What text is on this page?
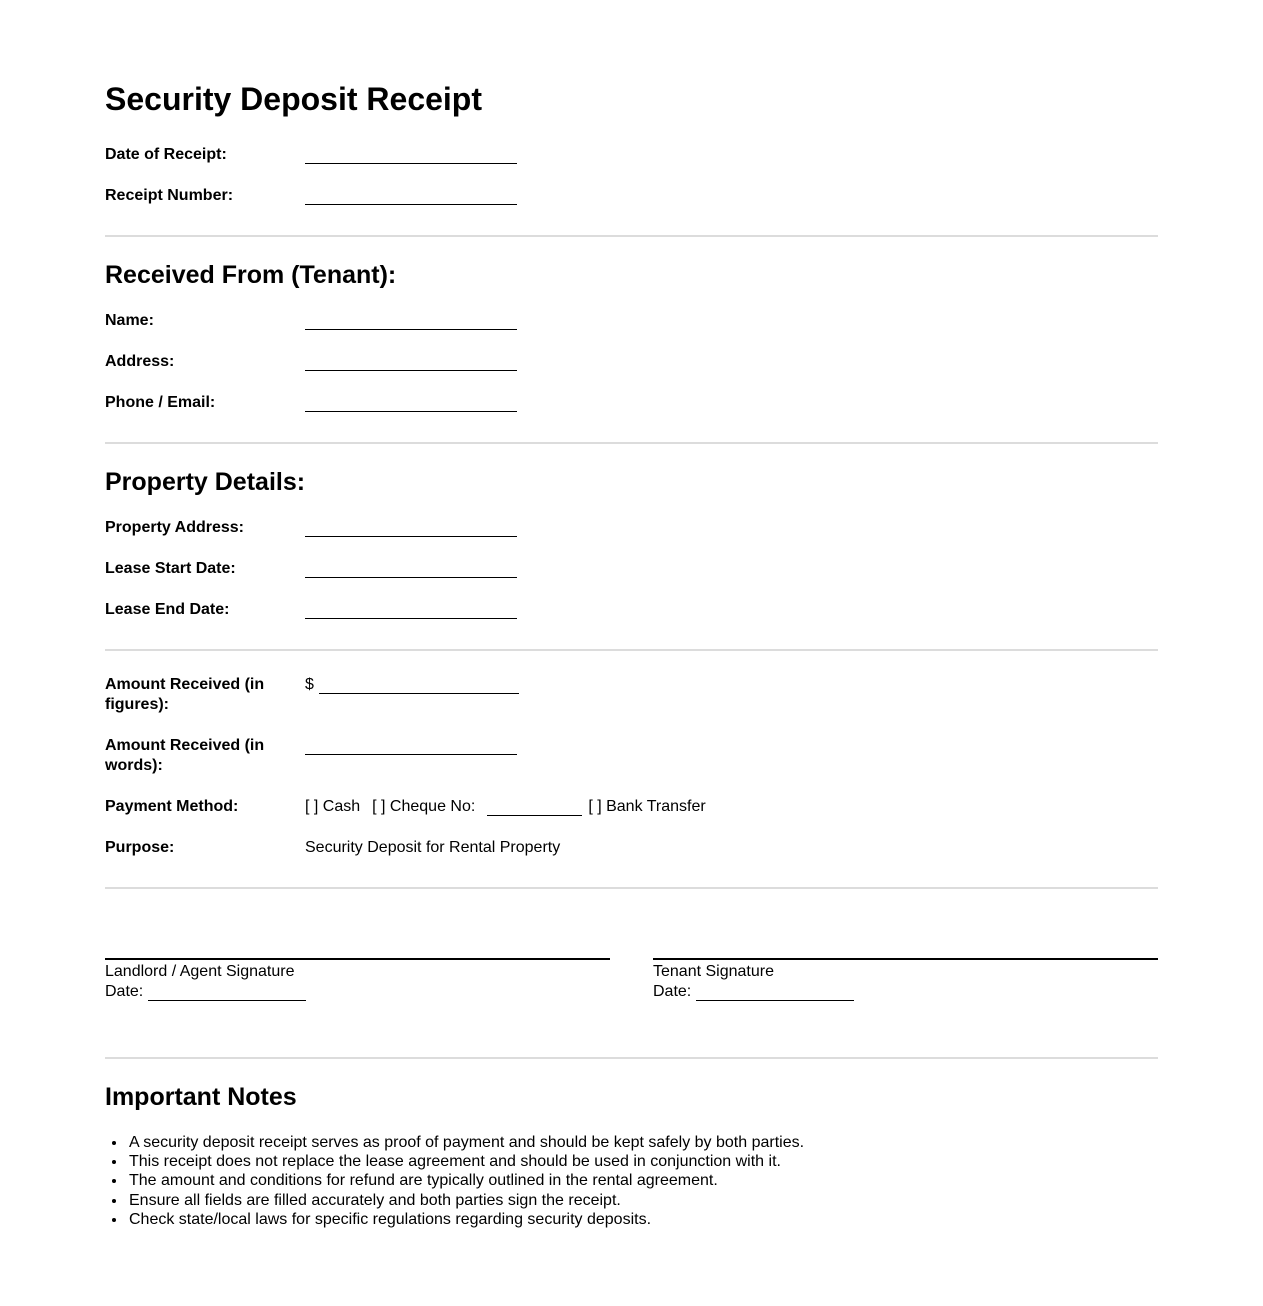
Security Deposit Receipt
Date of Receipt:
Receipt Number:
Received From (Tenant):
Name:
Address:
Phone / Email:
Property Details:
Property Address:
Lease Start Date:
Lease End Date:
Amount Received (in figures):
$
Amount Received (in words):
Payment Method:	[ ] Cash [ ] Cheque No:	[ ] Bank Transfer
Purpose:	Security Deposit for Rental Property
Landlord / Agent Signature
Date:
Tenant Signature
Date:
Important Notes
• A security deposit receipt serves as proof of payment and should be kept safely by both parties.
• This receipt does not replace the lease agreement and should be used in conjunction with it.
• The amount and conditions for refund are typically outlined in the rental agreement.
• Ensure all fields are filled accurately and both parties sign the receipt.
• Check state/local laws for specific regulations regarding security deposits.
